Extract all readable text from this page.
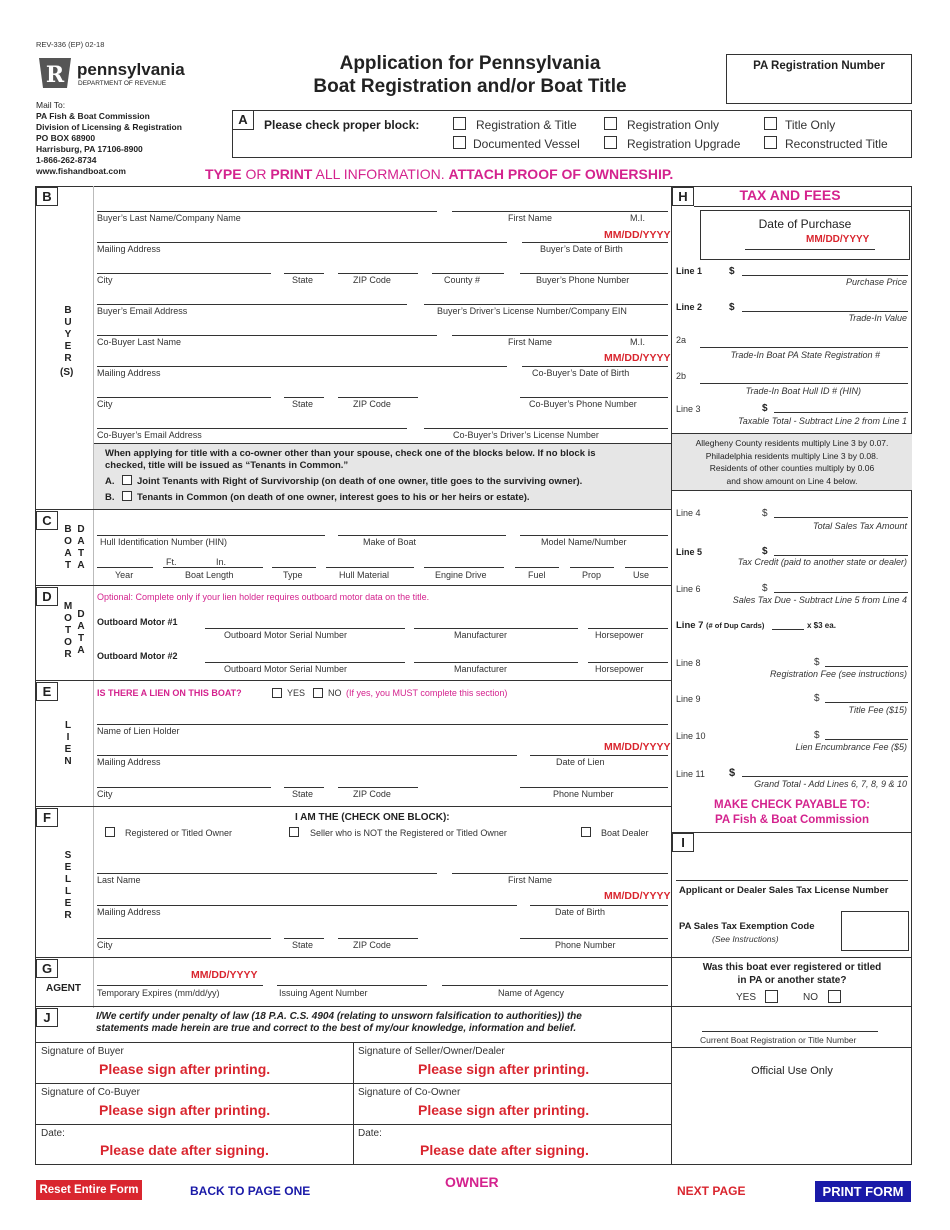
REV-336 (EP) 02-18
R pennsylvania
DEPARTMENT OF REVENUE
Mail To:
PA Fish & Boat Commission
Division of Licensing & Registration
PO BOX 68900
Harrisburg, PA 17106-8900
1-866-262-8734
www.fishandboat.com
Application for Pennsylvania
Boat Registration and/or Boat Title
PA Registration Number
A	Please check proper block:	Registration & Title	Registration Only	Title Only
Documented Vessel	Registration Upgrade	Reconstructed Title
TYPE OR PRINT ALL INFORMATION. ATTACH PROOF OF OWNERSHIP.
B
B
U
Y
E
R
(S)
Buyer’s Last Name/Company Name	First Name	M.I.
MM/DD/YYYY
Mailing Address	Buyer’s Date of Birth
City	State	ZIP Code	County #	Buyer’s Phone Number
Buyer’s Email Address	Buyer’s Driver’s License Number/Company EIN
Co-Buyer Last Name	First Name	M.I.
MM/DD/YYYY
Mailing Address	Co-Buyer’s Date of Birth
City	State	ZIP Code	Co-Buyer’s Phone Number
Co-Buyer’s Email Address	Co-Buyer’s Driver’s License Number
When applying for title with a co-owner other than your spouse, check one of the blocks below. If no block is
checked, title will be issued as “Tenants in Common.”
A. Joint Tenants with Right of Survivorship (on death of one owner, title goes to the surviving owner).
B. Tenants in Common (on death of one owner, interest goes to his or her heirs or estate).
C
B
O
A
T
D
A
T
A
Hull Identification Number (HIN)	Make of Boat	Model Name/Number
Ft.	In.
Year	Boat Length	Type	Hull Material	Engine Drive	Fuel	Prop	Use
D
M
O
T
O
R
D
A
T
A
Optional: Complete only if your lien holder requires outboard motor data on the title.
Outboard Motor #1
Outboard Motor Serial Number	Manufacturer	Horsepower
Outboard Motor #2
Outboard Motor Serial Number	Manufacturer	Horsepower
E
L
I
E
N
IS THERE A LIEN ON THIS BOAT?	YES	NO (If yes, you MUST complete this section)
Name of Lien Holder
MM/DD/YYYY
Mailing Address	Date of Lien
City	State	ZIP Code	Phone Number
F
S
E
L
L
E
R
I AM THE (CHECK ONE BLOCK):
Registered or Titled Owner	Seller who is NOT the Registered or Titled Owner	Boat Dealer
Last Name	First Name
MM/DD/YYYY
Mailing Address	Date of Birth
City	State	ZIP Code	Phone Number
G
AGENT
MM/DD/YYYY
Temporary Expires (mm/dd/yy)	Issuing Agent Number	Name of Agency
J	I/We certify under penalty of law (18 P.A. C.S. 4904 (relating to unsworn falsification to authorities)) the
statements made herein are true and correct to the best of my/our knowledge, information and belief.
Signature of Buyer
Please sign after printing.
Signature of Seller/Owner/Dealer
Please sign after printing.
Signature of Co-Buyer
Please sign after printing.
Signature of Co-Owner
Please sign after printing.
Date:
Please date after signing.
Date:
Please date after signing.
H	TAX AND FEES
Date of Purchase
MM/DD/YYYY
Line 1	$
Purchase Price
Line 2	$
Trade-In Value
2a
Trade-In Boat PA State Registration #
2b
Trade-In Boat Hull ID # (HIN)
Line 3	$
Taxable Total - Subtract Line 2 from Line 1
Allegheny County residents multiply Line 3 by 0.07.
Philadelphia residents multiply Line 3 by 0.08.
Residents of other counties multiply by 0.06
and show amount on Line 4 below.
Line 4	$
Total Sales Tax Amount
Line 5	$
Tax Credit (paid to another state or dealer)
Line 6	$
Sales Tax Due - Subtract Line 5 from Line 4
Line 7 (# of Dup Cards)	x $3 ea.
Line 8	$
Registration Fee (see instructions)
Line 9	$
Title Fee ($15)
Line 10	$
Lien Encumbrance Fee ($5)
Line 11 $
Grand Total - Add Lines 6, 7, 8, 9 & 10
MAKE CHECK PAYABLE TO:
PA Fish & Boat Commission
I
Applicant or Dealer Sales Tax License Number
PA Sales Tax Exemption Code
(See Instructions)
Was this boat ever registered or titled
in PA or another state?
YES	NO
Current Boat Registration or Title Number
Official Use Only
Reset Entire Form	BACK TO PAGE ONE
OWNER
NEXT PAGE	PRINT FORM
